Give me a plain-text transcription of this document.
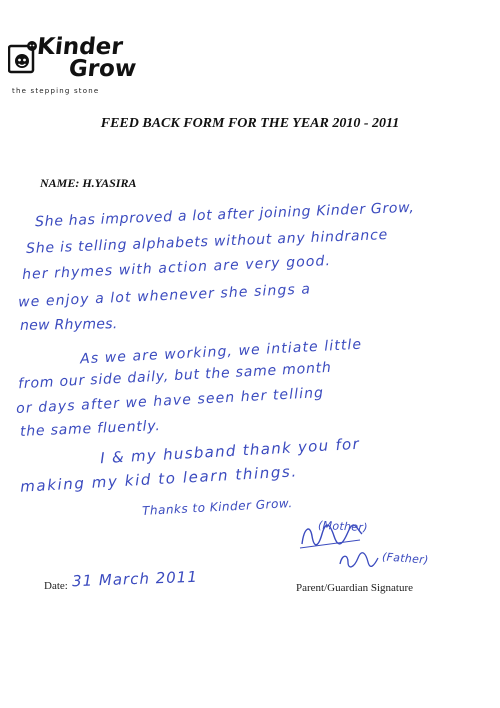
Kinder
Grow
the stepping stone
FEED BACK FORM FOR THE YEAR 2010 - 2011
NAME: H.YASIRA
She has improved a lot after joining Kinder Grow,
She is telling alphabets without any hindrance
her rhymes with action are very good.
we enjoy a lot whenever she sings a
new Rhymes.
As we are working, we intiate little
from our side daily, but the same month
or days after we have seen her telling
the same fluently.
I & my husband thank you for
making my kid to learn things.
Thanks to Kinder Grow.
(Mother)
(Father)
Date: 31 March 2011	Parent/Guardian Signature
